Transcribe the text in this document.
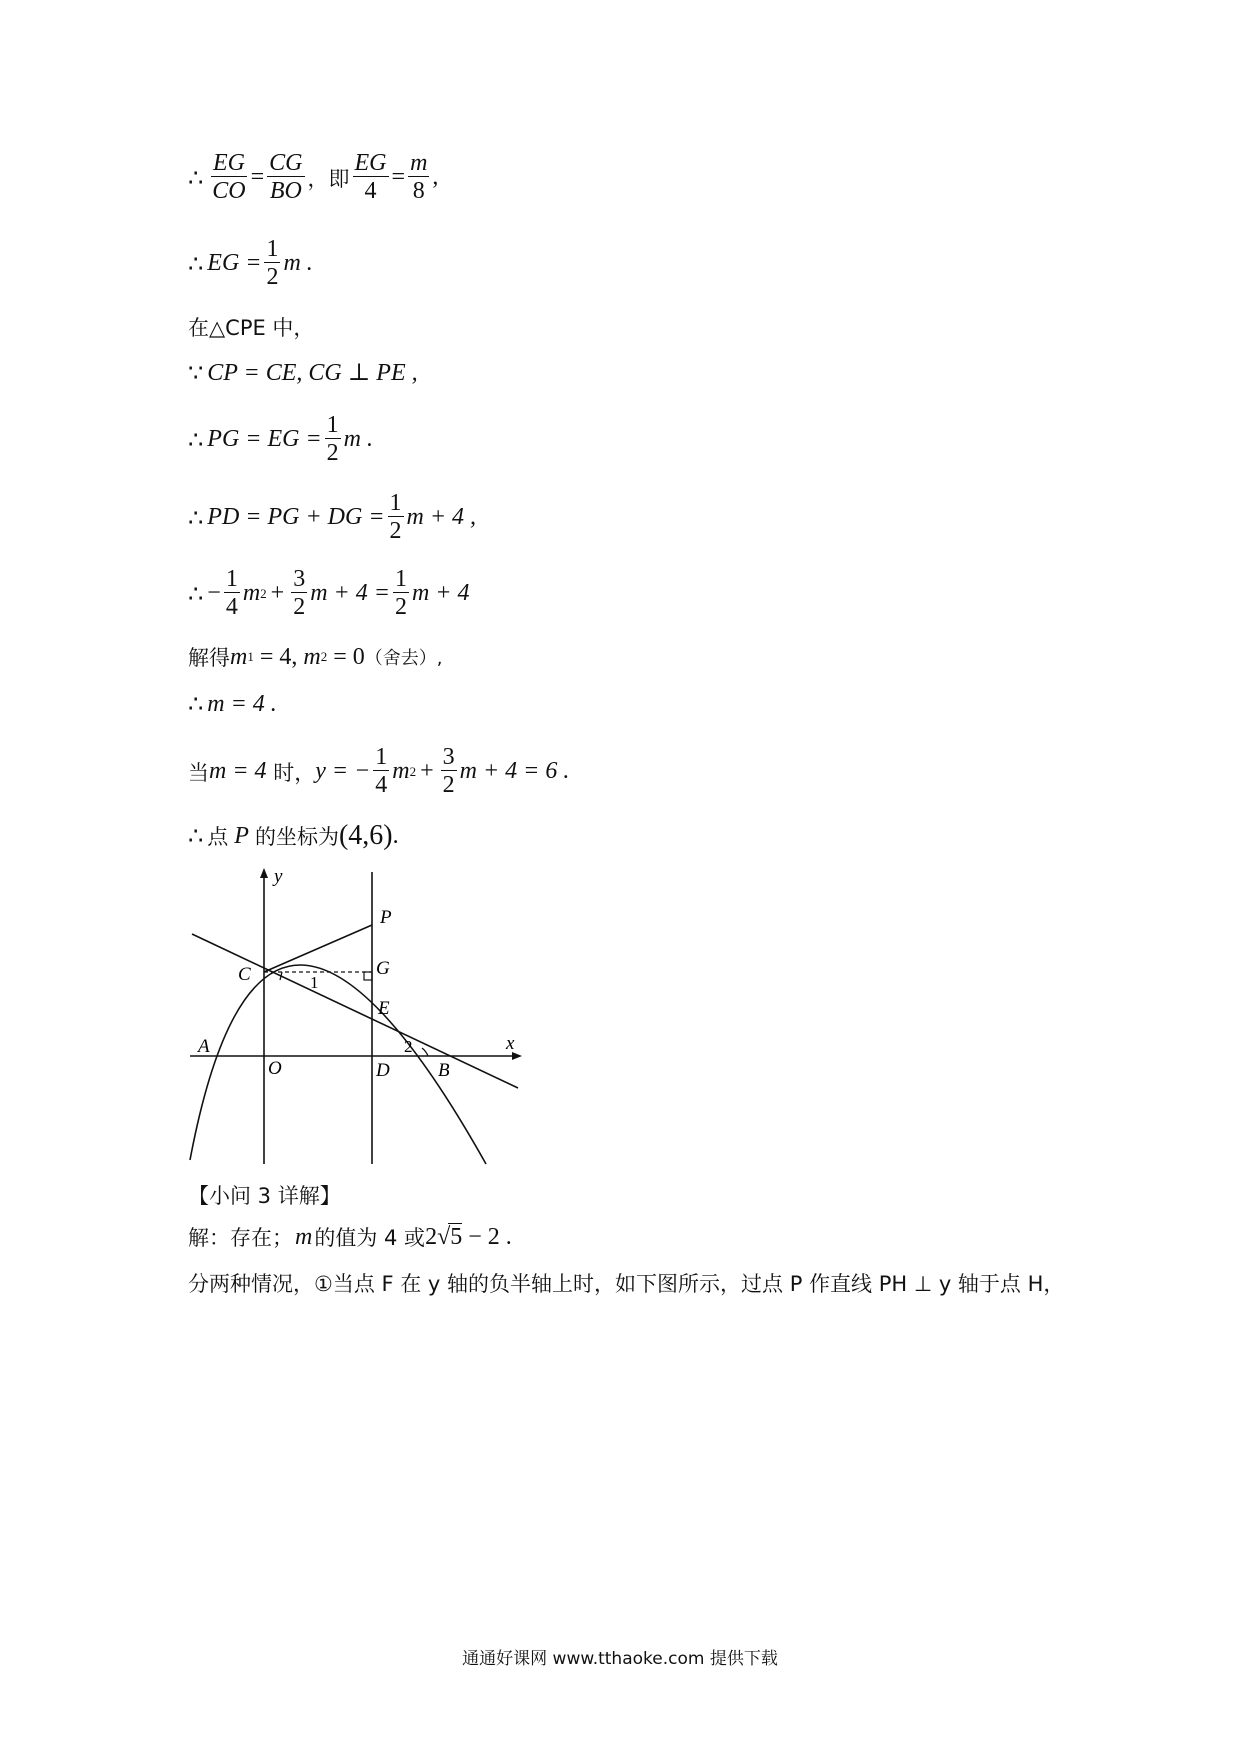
∴ $\frac{EG}{CO} = \frac{CG}{BO}$ ，即 $\frac{EG}{4} = \frac{m}{8}$ ,
∴ EG = $\frac{1}{2}$ m .
在△CPE 中，
∵ CP = CE, CG ⊥ PE ,
∴ PG = EG = $\frac{1}{2}$ m .
∴ PD = PG + DG = $\frac{1}{2}$ m + 4 ,
∴ − $\frac{1}{4}$ m $2 + \frac{3}{2}$ $m + 4 = \frac{1}{2}$ m + 4
解得 m 1 = 4, m 2 = 0 （舍去）,
∴ m = 4 .
当 m = 4 时， y = − $\frac{1}{4}$ m $2 + \frac{3}{2}$ m + 4 = 6 .
∴ 点 P 的坐标为 (4,6) .
y
x
P
C	G
E
A
O	D	B
1
2
【小问 3 详解】
解：存在； m 的值为 4 或 2 √ 5 − 2 .
分两种情况，①当点 F 在 y 轴的负半轴上时，如下图所示，过点 P 作直线 PH ⊥ y 轴于点 H，
通通好课网 www.tthaoke.com 提供下载
